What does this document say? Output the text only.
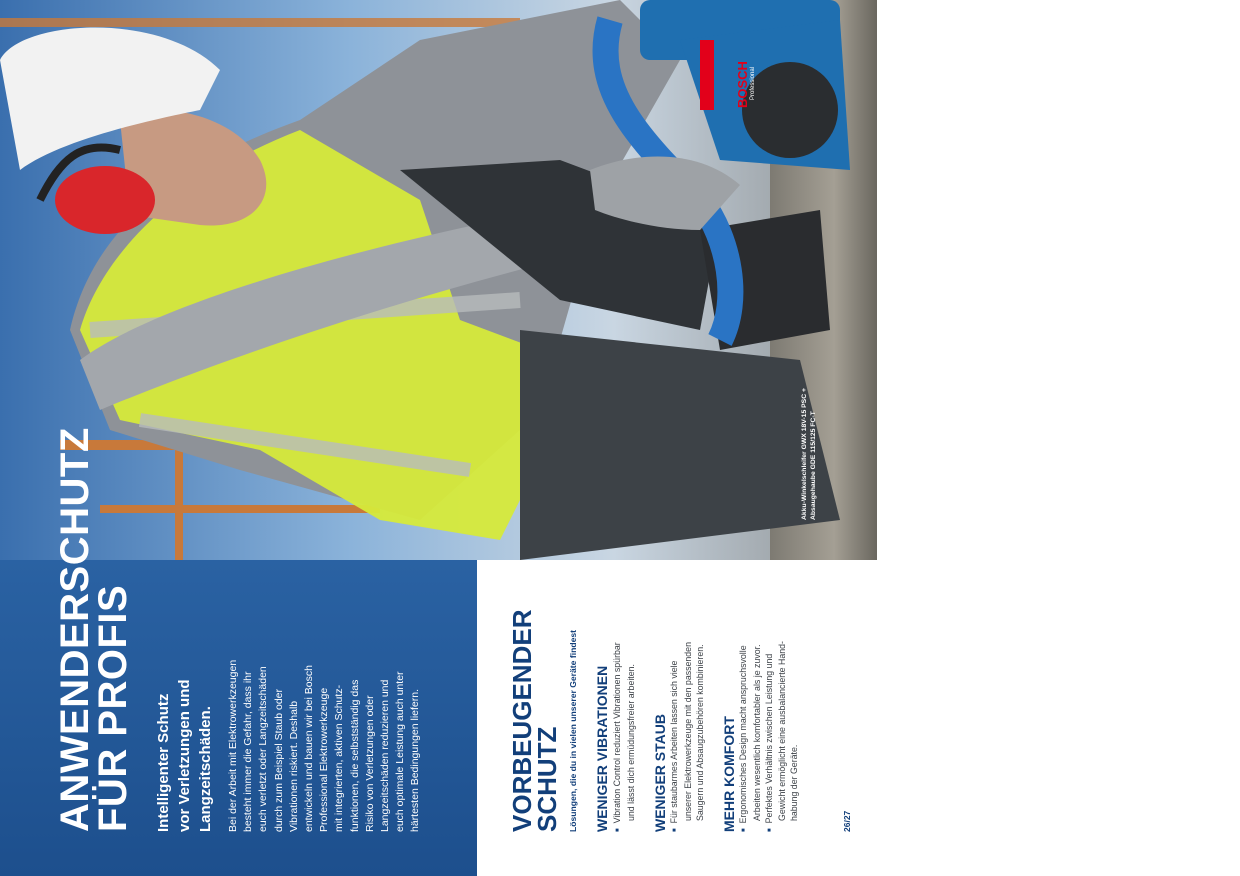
BOSCH Professional
Akku-Winkelschleifer GWX 18V-15 PSC + Absaugehaube GDE 115/125 FC-T
ANWENDERSCHUTZ
FÜR PROFIS Intelligenter Schutz vor Verletzungen und Langzeitschäden. Bei der Arbeit mit Elektrowerkzeugen besteht immer die Gefahr, dass ihr euch verletzt oder Langzeitschäden durch zum Beispiel Staub oder Vibrationen riskiert. Deshalb entwickeln und bauen wir bei Bosch Professional Elektrowerkzeuge mit integrierten, aktiven Schutz- funktionen, die selbstständig das Risiko von Verletzungen oder Langzeitschäden reduzieren und euch optimale Leistung auch unter härtesten Bedingungen liefern.	VORBEUGENDER
SCHUTZ Lösungen, die du in vielen unserer Geräte findest WENIGER VIBRATIONEN ■ Vibration Control reduziert Vibrationen spürbar und lässt dich ermüdungsfreier arbeiten. WENIGER STAUB ■ Für staubarmes Arbeiten lassen sich viele unserer Elektrowerkzeuge mit den passenden Saugern und Absaugzubehören kombinieren. MEHR KOMFORT ■ Ergonomisches Design macht anspruchsvolle Arbeiten wesentlich komfortabler als je zuvor. ■ Perfektes Verhältnis zwischen Leistung und Gewicht ermöglicht eine ausbalancierte Hand- habung der Geräte.
26/27
